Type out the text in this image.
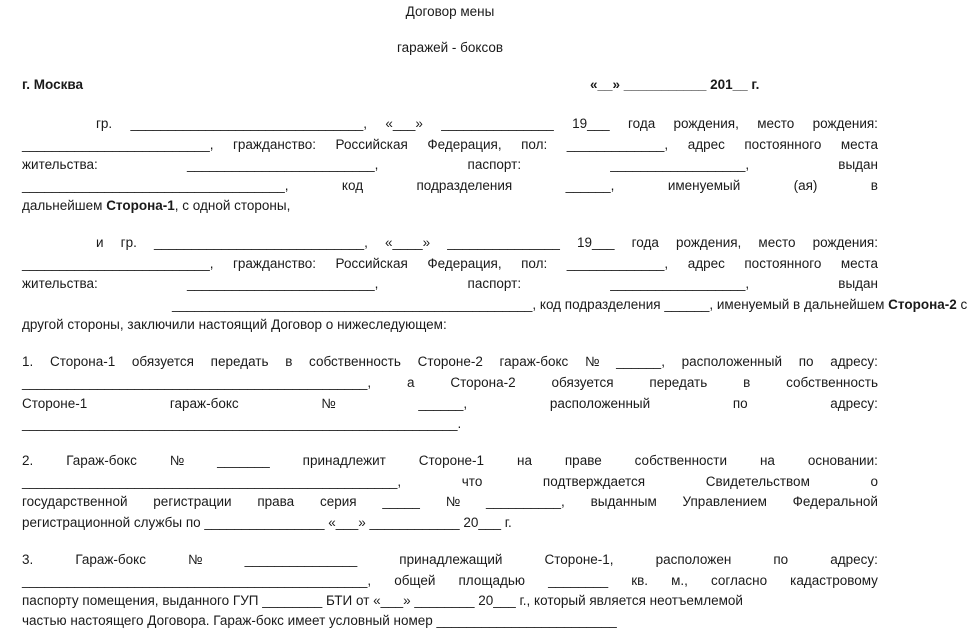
Договор мены
гаражей - боксов
г. Москва	«__» ___________ 201__ г.
гр. _______________________________, «___» _______________ 19___ года рождения, место рождения:
_________________________, гражданство: Российская Федерация, пол: _____________, адрес постоянного места
жительства:	_________________________,	паспорт:	__________________,	выдан
___________________________________,	код	подразделения	______,	именуемый	(ая)	в
дальнейшем Сторона-1, с одной стороны,
и гр. ____________________________, «____» _______________ 19___ года рождения, место рождения:
_________________________, гражданство: Российская Федерация, пол: _____________, адрес постоянного места
жительства:	_________________________,	паспорт:	__________________,	выдан
________________________________________________, код подразделения ______, именуемый в дальнейшем Сторона-2 с
другой стороны, заключили настоящий Договор о нижеследующем:
1. Сторона-1 обязуется передать в собственность Стороне-2 гараж-бокс № ______, расположенный по адресу:
______________________________________________,	а	Сторона-2	обязуется	передать	в	собственность
Стороне-1	гараж-бокс	№	______,	расположенный	по	адресу:
__________________________________________________________.
2. Гараж-бокс № _______ принадлежит Стороне-1 на праве собственности на основании:
__________________________________________________,	что	подтверждается	Свидетельством	о
государственной регистрации права серия _____ № __________, выданным Управлением Федеральной
регистрационной службы по ________________ «___» ____________ 20___ г.
3.	Гараж-бокс	№	_______________	принадлежащий	Стороне-1,	расположен	по	адресу:
______________________________________________, общей площадью ________ кв. м., согласно кадастровому
паспорту помещения, выданного ГУП ________ БТИ от «___» ________ 20___ г., который является неотъемлемой
частью настоящего Договора. Гараж-бокс имеет условный номер ________________________
